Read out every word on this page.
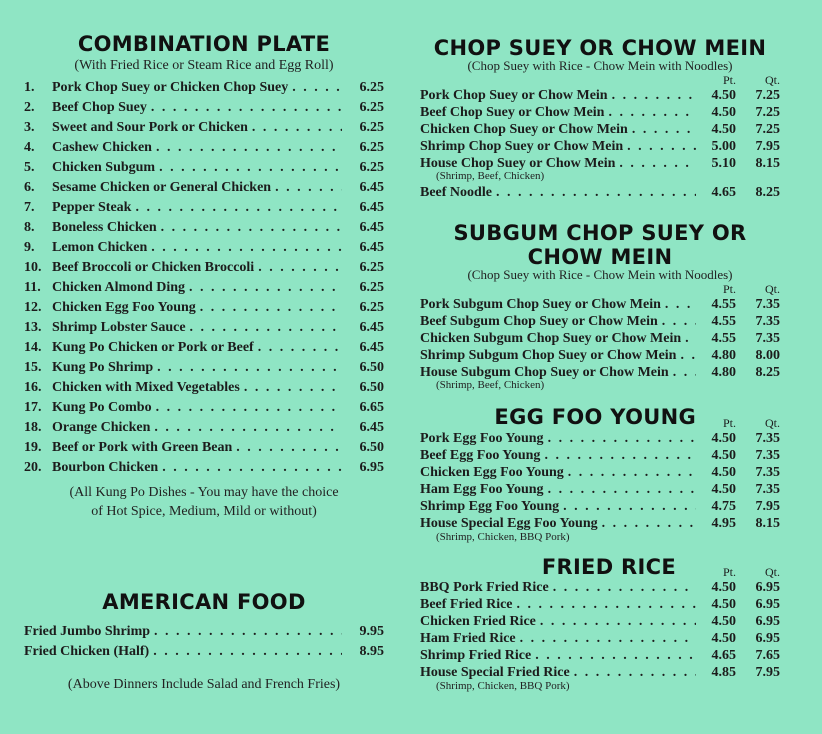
COMBINATION PLATE

(With Fried Rice or Steam Rice and Egg Roll)

1.	Pork Chop Suey or Chicken Chop Suey . . .	6.25
2.	Beef Chop Suey . . .	6.25
3.	Sweet and Sour Pork or Chicken . . .	6.25
4.	Cashew Chicken . . .	6.25
5.	Chicken Subgum . . .	6.25
6.	Sesame Chicken or General Chicken . . .	6.45
7.	Pepper Steak . . .	6.45
8.	Boneless Chicken . . .	6.45
9.	Lemon Chicken . . .	6.45
10. Beef Broccoli or Chicken Broccoli . . .	6.25
11. Chicken Almond Ding . . .	6.25
12. Chicken Egg Foo Young . . .	6.25
13. Shrimp Lobster Sauce . . .	6.45
14. Kung Po Chicken or Pork or Beef . . .	6.45
15. Kung Po Shrimp . . .	6.50
16. Chicken with Mixed Vegetables . . .	6.50
17. Kung Po Combo . . .	6.65
18. Orange Chicken . . .	6.45
19. Beef or Pork with Green Bean . . .	6.50
20. Bourbon Chicken . . .	6.95
(All Kung Po Dishes - You may have the choice
of Hot Spice, Medium, Mild or without)
AMERICAN FOOD
Fried Jumbo Shrimp . . .	9.95
Fried Chicken (Half) . . .	8.95
(Above Dinners Include Salad and French Fries)
CHOP SUEY OR CHOW MEIN

(Chop Suey with Rice - Chow Mein with Noodles)

Pt.	Qt.
Pork Chop Suey or Chow Mein . . .	4.50	7.25
Beef Chop Suey or Chow Mein . . .	4.50	7.25
Chicken Chop Suey or Chow Mein . . .	4.50	7.25
Shrimp Chop Suey or Chow Mein . . .	5.00	7.95
House Chop Suey or Chow Mein . . .	5.10	8.15
(Shrimp, Beef, Chicken)
Beef Noodle . . .	4.65	8.25
SUBGUM CHOP SUEY OR
CHOW MEIN

(Chop Suey with Rice - Chow Mein with Noodles)

Pt.	Qt.
Pork Subgum Chop Suey or Chow Mein . . .	4.55	7.35
Beef Subgum Chop Suey or Chow Mein . . .	4.55	7.35
Chicken Subgum Chop Suey or Chow Mein . . .	4.55	7.35
Shrimp Subgum Chop Suey or Chow Mein . . .	4.80	8.00
House Subgum Chop Suey or Chow Mein . . .	4.80	8.25
(Shrimp, Beef, Chicken)
EGG FOO YOUNG	Pt.	Qt.
Pork Egg Foo Young . . .	4.50	7.35
Beef Egg Foo Young . . .	4.50	7.35
Chicken Egg Foo Young . . .	4.50	7.35
Ham Egg Foo Young . . .	4.50	7.35
Shrimp Egg Foo Young . . .	4.75	7.95
House Special Egg Foo Young . . .	4.95	8.15
(Shrimp, Chicken, BBQ Pork)
FRIED RICE	Pt.	Qt.
BBQ Pork Fried Rice . . .	4.50	6.95
Beef Fried Rice . . .	4.50	6.95
Chicken Fried Rice . . .	4.50	6.95
Ham Fried Rice . . .	4.50	6.95
Shrimp Fried Rice . . .	4.65	7.65
House Special Fried Rice . . .	4.85	7.95
(Shrimp, Chicken, BBQ Pork)
